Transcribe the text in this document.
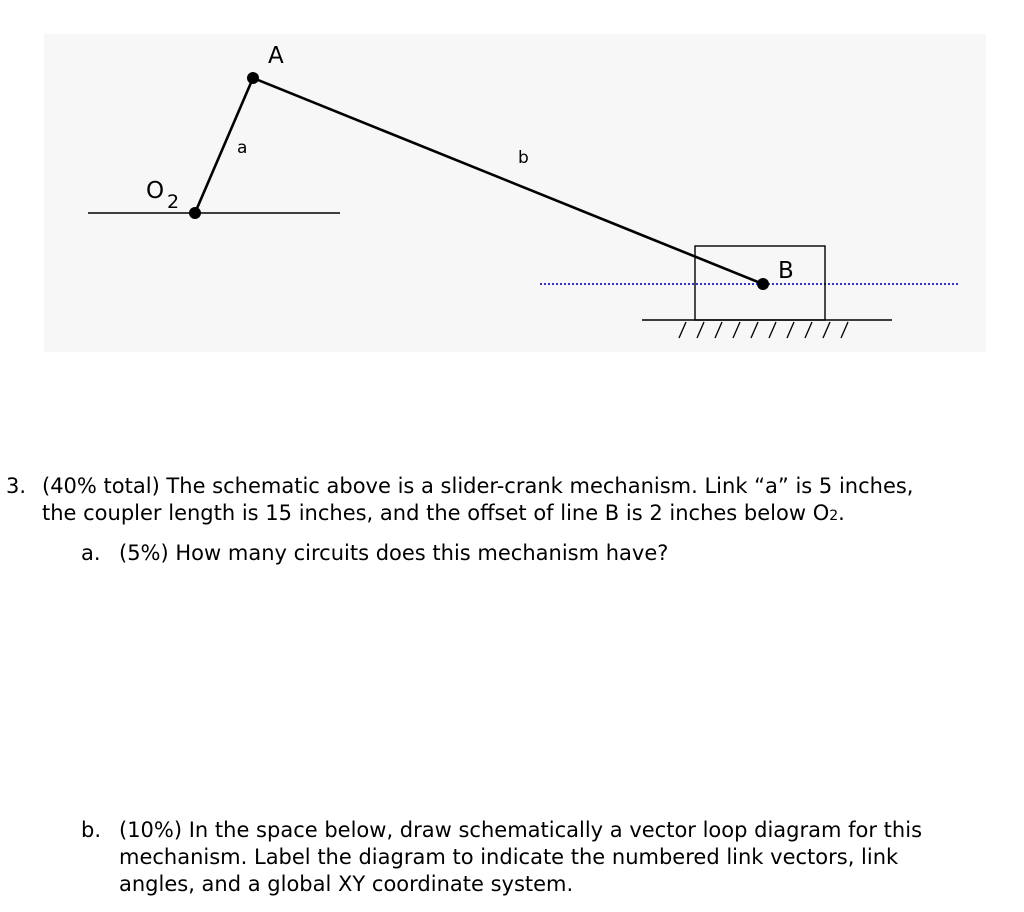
A
a	b
O 2
B
3. (40% total) The schematic above is a slider-crank mechanism. Link “a” is 5 inches,
the coupler length is 15 inches, and the offset of line B is 2 inches below O2.
a. (5%) How many circuits does this mechanism have?
b. (10%) In the space below, draw schematically a vector loop diagram for this
mechanism. Label the diagram to indicate the numbered link vectors, link
angles, and a global XY coordinate system.
